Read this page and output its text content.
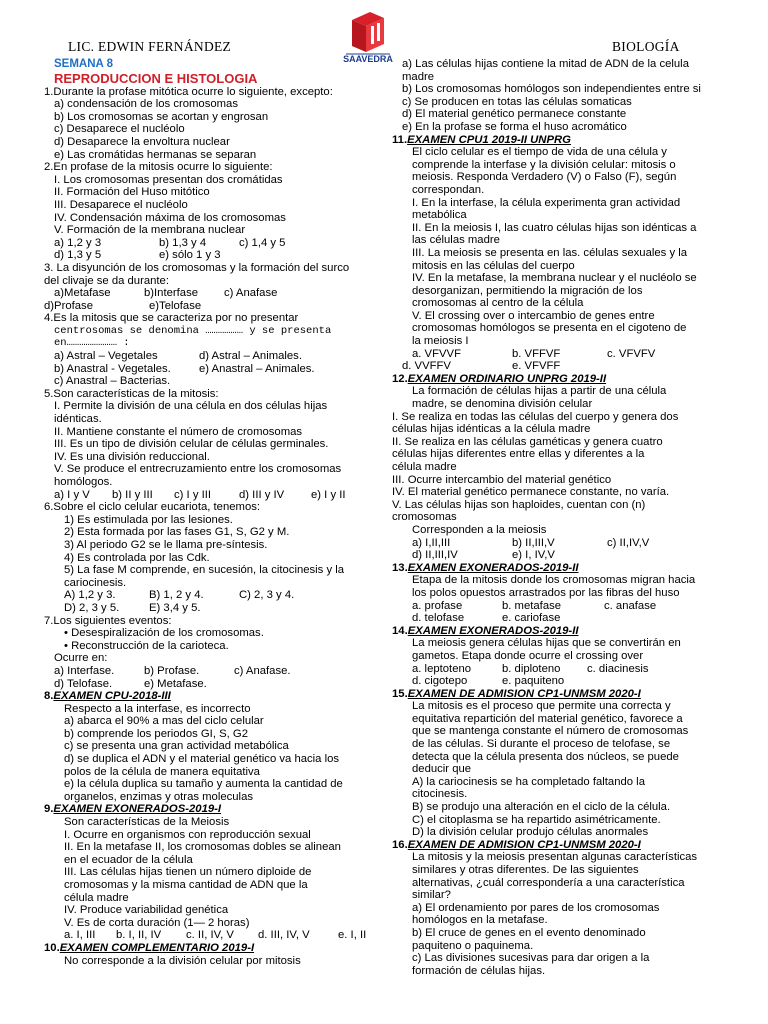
LIC. EDWIN FERNÁNDEZ	BIOLOGÍA
SAAVEDRA
SEMANA 8
REPRODUCCION E HISTOLOGIA
1.Durante la profase mitótica ocurre lo siguiente, excepto:
a) condensación de los cromosomas
b) Los cromosomas se acortan y engrosan
c) Desaparece el nucléolo
d) Desaparece la envoltura nuclear
e) Las cromátidas hermanas se separan
2.En profase de la mitosis ocurre lo siguiente:
I. Los cromosomas presentan dos cromátidas
II. Formación del Huso mitótico
III. Desaparece el nucléolo
IV. Condensación máxima de los cromosomas
V. Formación de la membrana nuclear
a) 1,2 y 3	b) 1,3 y 4	c) 1,4 y 5
d) 1,3 y 5	e) sólo 1 y 3
3. La disyunción de los cromosomas y la formación del surco
del clivaje se da durante:
a)Metafase	b)Interfase	c) Anafase
d)Profase	e)Telofase
4.Es la mitosis que se caracteriza por no presentar
centrosomas se denomina ……………… y se presenta
en…………………… :
a) Astral – Vegetales	d) Astral – Animales.
b) Anastral - Vegetales.	e) Anastral – Animales.
c) Anastral – Bacterias.
5.Son características de la mitosis:
I. Permite la división de una célula en dos células hijas
idénticas.
II. Mantiene constante el número de cromosomas
III. Es un tipo de división celular de células germinales.
IV. Es una división reduccional.
V. Se produce el entrecruzamiento entre los cromosomas
homólogos.
a) I y V	b) II y III	c) I y III	d) III y IV	e) I y II
6.Sobre el ciclo celular eucariota, tenemos:
1) Es estimulada por las lesiones.
2) Esta formada por las fases G1, S, G2 y M.
3) Al periodo G2 se le llama pre-síntesis.
4) Es controlada por las Cdk.
5) La fase M comprende, en sucesión, la citocinesis y la
cariocinesis.
A) 1,2 y 3.	B) 1, 2 y 4.	C) 2, 3 y 4.
D) 2, 3 y 5.	E) 3,4 y 5.
7.Los siguientes eventos:
• Desespiralización de los cromosomas.
• Reconstrucción de la carioteca.
Ocurre en:
a) Interfase.	b) Profase.	c) Anafase.
d) Telofase.	e) Metafase.
8.EXAMEN CPU-2018-III
Respecto a la interfase, es incorrecto
a) abarca el 90% a mas del ciclo celular
b) comprende los periodos GI, S, G2
c) se presenta una gran actividad metabólica
d) se duplica el ADN y el material genético va hacia los
polos de la célula de manera equitativa
e) la célula duplica su tamaño y aumenta la cantidad de
organelos, enzimas y otras moleculas
9.EXAMEN EXONERADOS-2019-I
Son características de la Meiosis
I. Ocurre en organismos con reproducción sexual
II. En la metafase II, los cromosomas dobles se alinean
en el ecuador de la célula
III. Las células hijas tienen un número diploide de
cromosomas y la misma cantidad de ADN que la
célula madre
IV. Produce variabilidad genética
V. Es de corta duración (1— 2 horas)
a. I, III	b. I, II, IV	c. II, IV, V	d. III, IV, V	e. I, II
10.EXAMEN COMPLEMENTARIO 2019-I
No corresponde a la división celular por mitosis
a) Las células hijas contiene la mitad de ADN de la celula
madre
b) Los cromosomas homólogos son independientes entre si
c) Se producen en totas las células somaticas
d) El material genético permanece constante
e) En la profase se forma el huso acromático
11.EXAMEN CPU1 2019-II UNPRG
El ciclo celular es el tiempo de vida de una célula y
comprende la interfase y la división celular: mitosis o
meiosis. Responda Verdadero (V) o Falso (F), según
correspondan.
I. En la interfase, la célula experimenta gran actividad
metabólica
II. En la meiosis I, las cuatro células hijas son idénticas a
las células madre
III. La meiosis se presenta en las. células sexuales y la
mitosis en las células del cuerpo
IV. En la metafase, la membrana nuclear y el nucléolo se
desorganizan, permitiendo la migración de los
cromosomas al centro de la célula
V. El crossing over o intercambio de genes entre
cromosomas homólogos se presenta en el cigoteno de
la meiosis I
a. VFVVF	b. VFFVF	c. VFVFV
d. VVFFV	e. VFVFF
12.EXAMEN ORDINARIO UNPRG 2019-II
La formación de células hijas a partir de una célula
madre, se denomina división celular
I. Se realiza en todas las células del cuerpo y genera dos
células hijas idénticas a la célula madre
II. Se realiza en las células gaméticas y genera cuatro
células hijas diferentes entre ellas y diferentes a la
célula madre
III. Ocurre intercambio del material genético
IV. El material genético permanece constante, no varía.
V. Las células hijas son haploides, cuentan con (n)
cromosomas
Corresponden a la meiosis
a) I,II,III	b) II,III,V	c) II,IV,V
d) II,III,IV	e) I, IV,V
13.EXAMEN EXONERADOS-2019-II
Etapa de la mitosis donde los cromosomas migran hacia
los polos opuestos arrastrados por las fibras del huso
a. profase	b. metafase	c. anafase
d. telofase	e. cariofase
14.EXAMEN EXONERADOS-2019-II
La meiosis genera células hijas que se convertirán en
gametos. Etapa donde ocurre el crossing over
a. leptoteno	b. diploteno	c. diacinesis
d. cigotepo	e. paquiteno
15.EXAMEN DE ADMISION CP1-UNMSM 2020-I
La mitosis es el proceso que permite una correcta y
equitativa repartición del material genético, favorece a
que se mantenga constante el número de cromosomas
de las células. Si durante el proceso de telofase, se
detecta que la célula presenta dos núcleos, se puede
deducir que
A) la cariocinesis se ha completado faltando la
citocinesis.
B) se produjo una alteración en el ciclo de la célula.
C) el citoplasma se ha repartido asimétricamente.
D) la división celular produjo células anormales
16.EXAMEN DE ADMISION CP1-UNMSM 2020-I
La mitosis y la meiosis presentan algunas características
similares y otras diferentes. De las siguientes
alternativas, ¿cuál correspondería a una característica
similar?
a) El ordenamiento por pares de los cromosomas
homólogos en la metafase.
b) El cruce de genes en el evento denominado
paquiteno o paquinema.
c) Las divisiones sucesivas para dar origen a la
formación de células hijas.
